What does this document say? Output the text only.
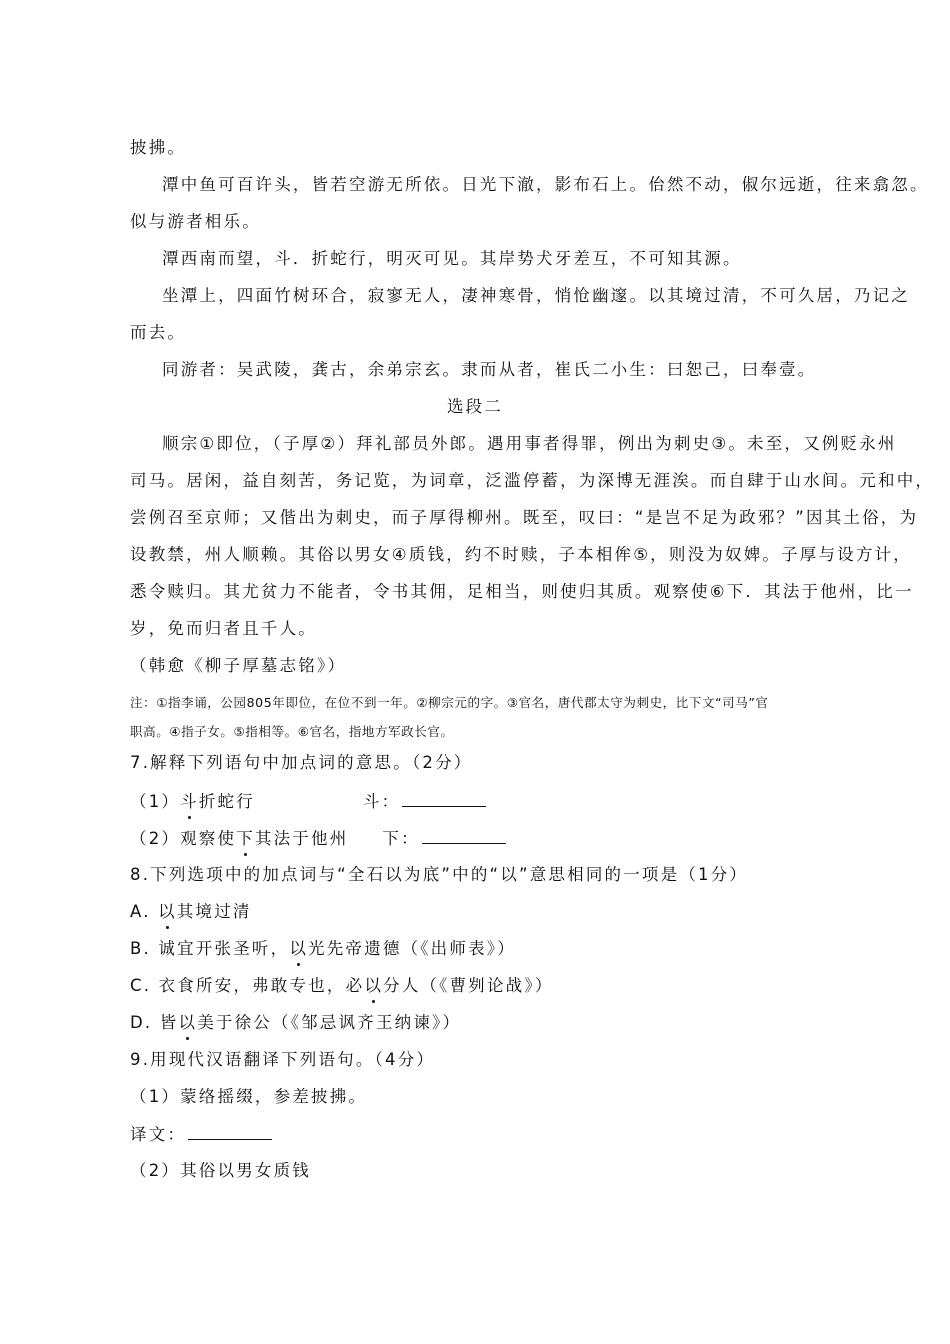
披拂。
潭中鱼可百许头，皆若空游无所依。日光下澈，影布石上。佁然不动，俶尔远逝，往来翕忽。
似与游者相乐。
潭西南而望，斗．折蛇行，明灭可见。其岸势犬牙差互，不可知其源。
坐潭上，四面竹树环合，寂寥无人，凄神寒骨，悄怆幽邃。以其境过清，不可久居，乃记之
而去。
同游者：吴武陵，龚古，余弟宗玄。隶而从者，崔氏二小生：曰恕己，曰奉壹。
选段二
顺宗①即位，（子厚②）拜礼部员外郎。遇用事者得罪，例出为刺史③。未至，又例贬永州
司马。居闲，益自刻苦，务记览，为词章，泛滥停蓄，为深博无涯涘。而自肆于山水间。元和中，
尝例召至京师；又偕出为刺史，而子厚得柳州。既至，叹曰：“是岂不足为政邪？”因其土俗，为
设教禁，州人顺赖。其俗以男女④质钱，约不时赎，子本相侔⑤，则没为奴婢。子厚与设方计，
悉令赎归。其尤贫力不能者，令书其佣，足相当，则使归其质。观察使⑥下．其法于他州，比一
岁，免而归者且千人。
（韩愈《柳子厚墓志铭》）
注：①指李诵，公园805年即位，在位不到一年。②柳宗元的字。③官名，唐代郡太守为刺史，比下文“司马”官
职高。④指子女。⑤指相等。⑥官名，指地方军政长官。
7.解释下列语句中加点词的意思。（2分）
（1）斗折蛇行	斗：
（2）观察使下其法于他州 下：
8.下列选项中的加点词与“全石以为底”中的“以”意思相同的一项是（1分）
A. 以其境过清
B. 诚宜开张圣听，以光先帝遗德（《出师表》）
C. 衣食所安，弗敢专也，必以分人（《曹刿论战》）
D. 皆以美于徐公（《邹忌讽齐王纳谏》）
9.用现代汉语翻译下列语句。（4分）
（1）蒙络摇缀，参差披拂。
译文：
（2）其俗以男女质钱
